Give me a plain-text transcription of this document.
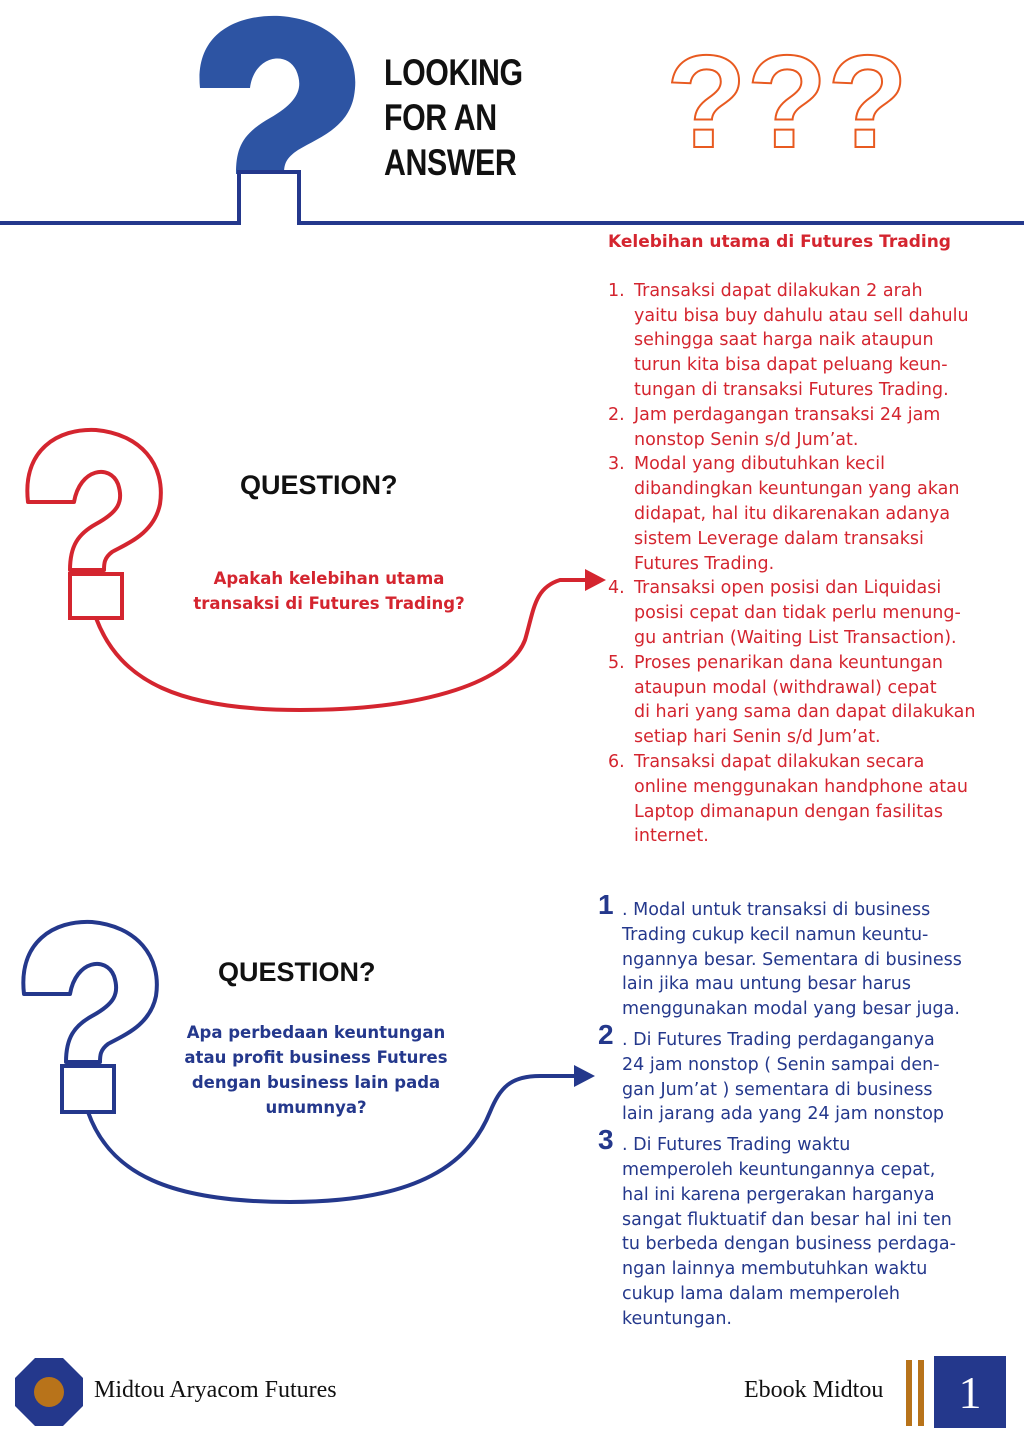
LOOKING
FOR AN
ANSWER	???
QUESTION?
Apakah kelebihan utama transaksi di Futures Trading?
Kelebihan utama di Futures Trading
1. Transaksi dapat dilakukan 2 arah
yaitu bisa buy dahulu atau sell dahulu
sehingga saat harga naik ataupun
turun kita bisa dapat peluang keun-
tungan di transaksi Futures Trading.
2. Jam perdagangan transaksi 24 jam
nonstop Senin s/d Jum’at.
3. Modal yang dibutuhkan kecil
dibandingkan keuntungan yang akan
didapat, hal itu dikarenakan adanya
sistem Leverage dalam transaksi
Futures Trading.
4. Transaksi open posisi dan Liquidasi
posisi cepat dan tidak perlu menung-
gu antrian (Waiting List Transaction).
5. Proses penarikan dana keuntungan
ataupun modal (withdrawal) cepat
di hari yang sama dan dapat dilakukan
setiap hari Senin s/d Jum’at.
6. Transaksi dapat dilakukan secara
online menggunakan handphone atau
Laptop dimanapun dengan fasilitas
internet.
QUESTION?
Apa perbedaan keuntungan atau profit business Futures dengan business lain pada umumnya?
1 . Modal untuk transaksi di business
Trading cukup kecil namun keuntu-
ngannya besar. Sementara di business
lain jika mau untung besar harus
menggunakan modal yang besar juga.
2 . Di Futures Trading perdaganganya
24 jam nonstop ( Senin sampai den-
gan Jum’at ) sementara di business
lain jarang ada yang 24 jam nonstop
3 . Di Futures Trading waktu
memperoleh keuntungannya cepat,
hal ini karena pergerakan harganya
sangat fluktuatif dan besar hal ini ten
tu berbeda dengan business perdaga-
ngan lainnya membutuhkan waktu
cukup lama dalam memperoleh
keuntungan.
Midtou Aryacom Futures	Ebook Midtou 1
